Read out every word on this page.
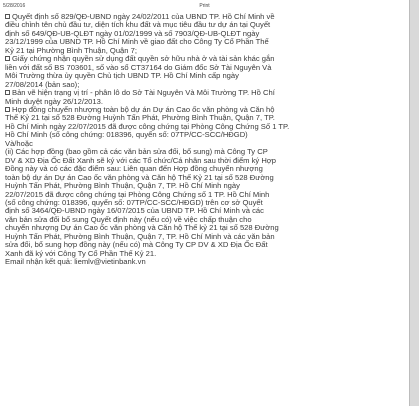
5/28/2016	Print
Quyết định số 829/QĐ-UBND ngày 24/02/2011 của UBND TP. Hồ Chí Minh về
điều chỉnh tên chủ đầu tư, diện tích khu đất và mục tiêu đầu tư dự án tại Quyết
định số 649/QĐ-UB-QLĐT ngày 01/02/1999 và số 7903/QĐ-UB-QLĐT ngày
23/12/1999 của UBND TP. Hồ Chí Minh về giao đất cho Công Ty Cổ Phần Thế
Kỷ 21 tại Phường Bình Thuận, Quận 7;
Giấy chứng nhận quyền sử dụng đất quyền sở hữu nhà ở và tài sản khác gắn
liền với đất số BS 703601, số vào sổ CT37164 do Giám đốc Sở Tài Nguyên Và
Môi Trường thừa ủy quyền Chủ tịch UBND TP. Hồ Chí Minh cấp ngày
27/08/2014 (bản sao);
Bản vẽ hiện trạng vị trí - phân lô do Sở Tài Nguyên Và Môi Trường TP. Hồ Chí
Minh duyệt ngày 26/12/2013.
Hợp đồng chuyển nhượng toàn bộ dự án Dự án Cao ốc văn phòng và Căn hộ
Thế Kỷ 21 tại số 528 Đường Huỳnh Tấn Phát, Phường Bình Thuận, Quận 7, TP.
Hồ Chí Minh ngày 22/07/2015 đã được công chứng tại Phòng Công Chứng Số 1 TP.
Hồ Chí Minh (số công chứng: 018396, quyển số: 07TP/CC-SCC/HĐGD)
Và/hoặc
(ii) Các hợp đồng (bao gồm cả các văn bản sửa đổi, bổ sung) mà Công Ty CP
DV & XD Địa Ốc Đất Xanh sẽ ký với các Tổ chức/Cá nhân sau thời điểm ký Hợp
Đồng này và có các đặc điểm sau: Liên quan đến Hợp đồng chuyển nhượng
toàn bộ dự án Dự án Cao ốc văn phòng và Căn hộ Thế Kỷ 21 tại số 528 Đường
Huỳnh Tấn Phát, Phường Bình Thuận, Quận 7, TP. Hồ Chí Minh ngày
22/07/2015 đã được công chứng tại Phòng Công Chứng số 1 TP. Hồ Chí Minh
(số công chứng: 018396, quyển số: 07TP/CC-SCC/HĐGD) trên cơ sở Quyết
định số 3464/QĐ-UBND ngày 16/07/2015 của UBND TP. Hồ Chí Minh và các
văn bản sửa đổi bổ sung Quyết định này (nếu có) về việc chấp thuận cho
chuyển nhượng Dự án Cao ốc văn phòng và Căn hộ Thế kỷ 21 tại số 528 Đường
Huỳnh Tấn Phát, Phường Bình Thuận, Quận 7, TP. Hồ Chí Minh và các văn bản
sửa đổi, bổ sung hợp đồng này (nếu có) mà Công Ty CP DV & XD Địa Ốc Đất
Xanh đã ký với Công Ty Cổ Phần Thế Kỷ 21.
Email nhận kết quả: liemlv@vietinbank.vn
